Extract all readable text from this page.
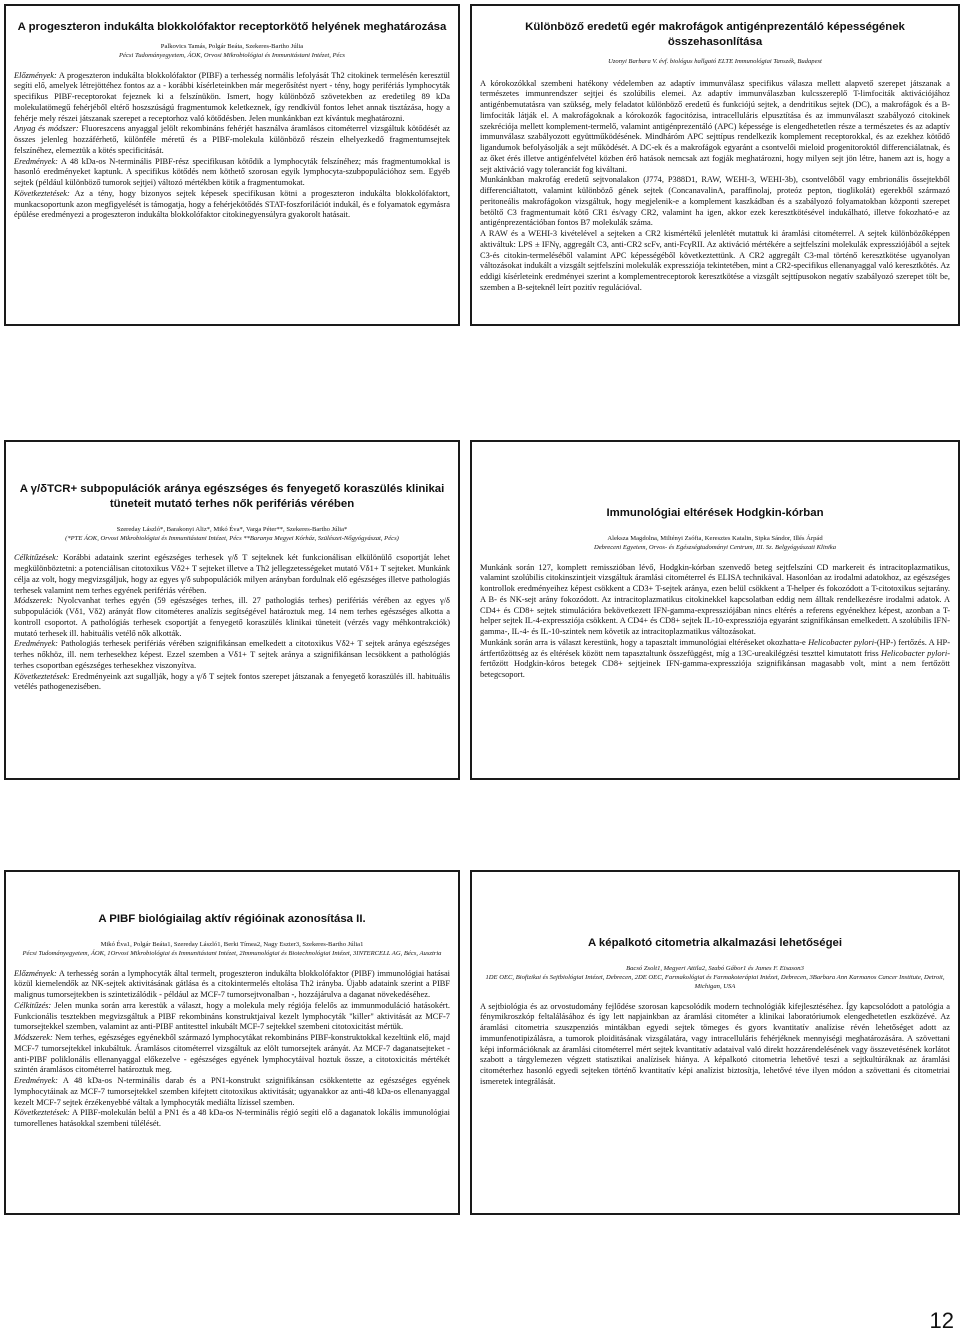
A progeszteron indukálta blokkolófaktor receptorkötő helyének meghatározása
Palkovics Tamás, Polgár Beáta, Szekeres-Bartho Júlia
Pécsi Tudományegyetem, ÁOK, Orvosi Mikrobiológiai és Immunitástani Intézet, Pécs

Előzmények: A progeszteron indukálta blokkolófaktor (PIBF) a terhesség normális lefolyását Th2 citokinek termelésén keresztül segíti elő, amelyek létrejöttéhez fontos az a - korábbi kísérleteinkben már megerősítést nyert - tény, hogy perifériás lymphocyták specifikus PIBF-receptorokat fejeznek ki a felszínükön. Ismert, hogy különböző szövetekben az eredetileg 89 kDa molekulatömegű fehérjéből eltérő hoszszúságú fragmentumok keletkeznek, így rendkívül fontos lehet annak tisztázása, hogy a fehérje mely részei játszanak szerepet a receptorhoz való kötődésben. Jelen munkánkban ezt kívántuk meghatározni.

Anyag és módszer: Fluoreszcens anyaggal jelölt rekombináns fehérjét használva áramlásos citométerrel vizsgáltuk kötődését az összes jelenleg hozzáférhető, különféle méretű és a PIBF-molekula különböző részein elhelyezkedő fragmentumsejtek felszínéhez, elemeztük a kötés specificitását.

Eredmények: A 48 kDa-os N-terminális PIBF-rész specifikusan kötődik a lymphocyták felszínéhez; más fragmentumokkal is hasonló eredményeket kaptunk. A specifikus kötődés nem köthető szorosan egyik lymphocyta-szubpopulációhoz sem. Egyéb sejtek (például különböző tumorok sejtjei) változó mértékben kötik a fragmentumokat.

Következtetések: Az a tény, hogy bizonyos sejtek képesek specifikusan kötni a progeszteron indukálta blokkolófaktort, munkacsoportunk azon megfigyelését is támogatja, hogy a fehérjekötődés STAT-foszforilációt indukál, és e folyamatok egymásra épülése eredményezi a progeszteron indukálta blokkolófaktor citokinegyensúlyra gyakorolt hatásait.

Különböző eredetű egér makrofágok antigénprezentáló képességének összehasonlítása
Uzonyi Barbara V. évf. biológus hallgató ELTE Immunológiai Tanszék, Budapest

A kórokozókkal szembeni hatékony védelemben az adaptív immunválasz specifikus válasza mellett alapvető szerepet játszanak a természetes immunrendszer sejtjei és szolúbilis elemei. Az adaptív immunválaszban kulcsszereplő T-limfociták aktivációjához antigénbemutatásra van szükség, mely feladatot különböző eredetű és funkciójú sejtek, a dendritikus sejtek (DC), a makrofágok és a B-limfociták látják el. A makrofágoknak a kórokozók fagocitózisa, intracelluláris elpusztítása és az immunválaszt szabályozó citokinek szekréciója mellett komplement-termelő, valamint antigénprezentáló (APC) képessége is elengedhetetlen része a természetes és az adaptív immunválasz szabályozott együttműködésének. Mindháróm APC sejttípus rendelkezik komplement receptorokkal, és az ezekhez kötődő ligandumok befolyásolják a sejt működését. A DC-ek és a makrofágok egyaránt a csontvelői mieloid progenitoroktól differenciálatnak, és az őket érés illetve antigénfelvétel közben érő hatások nemcsak azt fogják meghatározni, hogy milyen sejt jön létre, hanem azt is, hogy a sejt aktiváció vagy toleranciát fog kiváltani.

Munkánkban makrofág eredetű sejtvonalakon (J774, P388D1, RAW, WEHI-3, WEHI-3b), csontvelőből vagy embrionális őssejtekből differenciáltatott, valamint különböző gének sejtek (ConcanavalinA, paraffinolaj, proteóz pepton, tioglikolát) egerekből származó peritoneális makrofágokon vizsgáltuk, hogy megjelenik-e a komplement kaszkádban és a szabályozó folyamatokban központi szerepet betöltő C3 fragmentumait kötő CR1 és/vagy CR2, valamint ha igen, akkor ezek keresztkötésével indukálható, illetve fokozható-e az antigénprezentációban fontos B7 molekulák száma.

A RAW és a WEHI-3 kivételével a sejteken a CR2 kismértékű jelenlétét mutattuk ki áramlási citométerrel. A sejtek különbözőképpen aktiváltuk: LPS ± IFNγ, aggregált C3, anti-CR2 scFv, anti-FcγRII. Az aktiváció mértékére a sejtfelszíni molekulák expressziójából a sejtek C3-és citokin-termeléséből valamint APC képességéből következtettünk. A CR2 aggregált C3-mal történő keresztkötése ugyanolyan változásokat indukált a vizsgált sejtfelszíni molekulák expressziója tekintetében, mint a CR2-specifikus ellenanyaggal való keresztkötés. Az eddigi kísérleteink eredményei szerint a komplementreceptorok keresztkötése a vizsgált sejttípusokon negatív szabályozó szerepet tölt be, szemben a B-sejteknél leírt pozitív regulációval.

A γ/δTCR+ subpopulációk aránya egészséges és fenyegető koraszülés klinikai tüneteit mutató terhes nők perifériás vérében
Szereday László*, Barakonyi Aliz*, Mikó Éva*, Varga Péter**, Szekeres-Bartho Júlia*
(*PTE ÁOK, Orvosi Mikrobiológiai és Immunitástani Intézet, Pécs **Baranya Megyei Kórház, Szülészet-Nőgyógyászat, Pécs)

Célkitűzések: Korábbi adataink szerint egészséges terhesek γ/δ T sejteknek két funkcionálisan elkülönülő csoportját lehet megkülönböztetni: a potenciálisan citotoxikus Vδ2+ T sejteket illetve a Th2 jellegzetességeket mutató Vδ1+ T sejteket. Munkánk célja az volt, hogy megvizsgáljuk, hogy az egyes γ/δ subpopulációk milyen arányban fordulnak elő egészséges illetve pathologiás terhesek valamint nem terhes egyének perifériás vérében.

Módszerek: Nyolcvanhat terhes egyén (59 egészséges terhes, ill. 27 pathologiás terhes) perifériás vérében az egyes γ/δ subpopulációk (Vδ1, Vδ2) arányát flow citométeres analízis segítségével határoztuk meg. 14 nem terhes egészséges alkotta a kontroll csoportot. A pathológiás terhesek csoportját a fenyegető koraszülés klinikai tüneteit (vérzés vagy méhkontrakciók) mutató terhesek ill. habituális vetélő nők alkották.

Eredmények: Pathologiás terhesek perifériás vérében szignifikánsan emelkedett a citotoxikus Vδ2+ T sejtek aránya egészséges terhes nőkhöz, ill. nem terhesekhez képest. Ezzel szemben a Vδ1+ T sejtek aránya a szignifikánsan lecsökkent a pathológiás terhes csoportban egészséges terhesekhez viszonyítva.

Következtetések: Eredményeink azt sugallják, hogy a γ/δ T sejtek fontos szerepet játszanak a fenyegető koraszülés ill. habituális vetélés pathogenezisében.

Immunológiai eltérések Hodgkin-kórban
Aleksza Magdolna, Miltényi Zsófia, Keresztes Katalin, Sipka Sándor, Illés Árpád
Debreceni Egyetem, Orvos- és Egészségtudományi Centrum, III. Sz. Belgyógyászati Klinika

Munkánk során 127, komplett remisszióban lévő, Hodgkin-kórban szenvedő beteg sejtfelszíni CD markereit és intracitoplazmatikus, valamint szolúbilis citokinszintjeit vizsgáltuk áramlási citométerrel és ELISA technikával. Hasonlóan az irodalmi adatokhoz, az egészséges kontrollok eredményeihez képest csökkent a CD3+ T-sejtek aránya, ezen belül csökkent a T-helper és fokozódott a T-citotoxikus sejtarány. A B- és NK-sejt arány fokozódott. Az intracitoplazmatikus citokinekkel kapcsolatban eddig nem álltak rendelkezésre irodalmi adatok. A CD4+ és CD8+ sejtek stimulációra bekövetkezett IFN-gamma-expressziójában nincs eltérés a referens egyénekhez képest, azonban a T-helper sejtek IL-4-expressziója csökkent. A CD4+ és CD8+ sejtek IL-10-expressziója egyaránt szignifikánsan emelkedett. A szolúbilis IFN-gamma-, IL-4- és IL-10-szintek nem követik az intracitoplazmatikus változásokat.

Munkánk során arra is választ kerestünk, hogy a tapasztalt immunológiai eltéréseket okozhatta-e Helicobacter pylori-(HP-) fertőzés. A HP-ártfertőzöttség az és eltérések között nem tapasztaltunk összefüggést, míg a 13C-ureakilégzési teszttel kimutatott friss Helicobacter pylori-fertőzött Hodgkin-kóros betegek CD8+ sejtjeinek IFN-gamma-expressziója szignifikánsan magasabb volt, mint a nem fertőzött betegcsoport.

A PIBF biológiailag aktív régióinak azonosítása II.
Mikó Éva1, Polgár Beáta1, Szereday László1, Berki Tímea2, Nagy Eszter3, Szekeres-Bartho Júlia1
Pécsi Tudományegyetem, ÁOK, 1Orvosi Mikrobiológiai és Immunitástani Intézet, 2Immunológiai és Biotechnológiai Intézet, 3INTERCELL AG, Bécs, Ausztria

Előzmények: A terhesség során a lymphocyták által termelt, progeszteron indukálta blokkolófaktor (PIBF) immunológiai hatásai közül kiemelendők az NK-sejtek aktivitásának gátlása és a citokintermelés eltolása Th2 irányba. Újabb adataink szerint a PIBF malignus tumorsejtekben is szintetizálódik - például az MCF-7 tumorsejtvonalban -, hozzájárulva a daganat növekedéséhez.

Célkitűzés: Jelen munka során arra kerestük a választ, hogy a molekula mely régiója felelős az immunmoduláció hatásokért. Funkcionális tesztekben megvizsgáltuk a PIBF rekombináns konstruktjaival kezelt lymphocyták "killer" aktivitását az MCF-7 tumorsejtekkel szemben, valamint az anti-PIBF antitesttel inkubált MCF-7 sejtekkel szembeni citotoxicitást mértük.

Módszerek: Nem terhes, egészséges egyénekből származó lymphocytákat rekombináns PIBF-konstruktokkal kezeltünk elő, majd MCF-7 tumorsejtekkel inkubáltuk. Áramlásos citométerrel vizsgáltuk az elölt tumorsejtek arányát. Az MCF-7 daganatsejteket - anti-PIBF poliklonális ellenanyaggal előkezelve - egészséges egyének lymphocytáival hoztuk össze, a citotoxicitás mértékét szintén áramlásos citométerrel határoztuk meg.

Eredmények: A 48 kDa-os N-terminális darab és a PN1-konstrukt szignifikánsan csökkentette az egészséges egyének lymphocytáinak az MCF-7 tumorsejtekkel szemben kifejtett citotoxikus aktivitását; ugyanakkor az anti-48 kDa-os ellenanyaggal kezelt MCF-7 sejtek érzékenyebbé váltak a lymphocyták mediálta lízissel szemben.

Következtetések: A PIBF-molekulán belül a PN1 és a 48 kDa-os N-terminális régió segíti elő a daganatok lokális immunológiai tumorellenes hatásokkal szembeni túlélését.

A képalkotó citometria alkalmazási lehetőségei
Bacsó Zsolt1, Megyeri Attila2, Szabó Gábor1 és James F. Eisason3
1DE OEC, Biofizikai és Sejtbiológiai Intézet, Debrecen, 2DE OEC, Farmakológiai és Farmakoterápiai Intézet, Debrecen, 3Barbara Ann Karmanos Cancer Institute, Detroit, Michigan, USA

A sejtbiológia és az orvostudomány fejlődése szorosan kapcsolódik modern technológiák kifejlesztéséhez. Így kapcsolódott a patológia a fénymikroszkóp feltalálásához és így lett napjainkban az áramlási citométer a klinikai laboratóriumok elengedhetetlen eszközévé. Az áramlási citometria szuszpenziós mintákban egyedi sejtek tömeges és gyors kvantitatív analízise révén lehetőséget adott az immunfenotipizálásra, a tumorok ploiditásának vizsgálatára, vagy intracelluláris fehérjéknek mennyiségi meghatározására. A szövettani képi információknak az áramlási citométerrel mért sejtek kvantitatív adataival való direkt hozzárendelésének vagy összevetésének korlátot szabott a tárgylemezen végzett statisztikai analízisek hiánya. A képalkotó citometria lehetővé teszi a sejtkultúráknak az áramlási citométerhez hasonló egyedi sejteken történő kvantitatív képi analízist biztosítja, lehetővé téve ilyen módon a szövettani és citometriai ismeretek integrálását.

12
